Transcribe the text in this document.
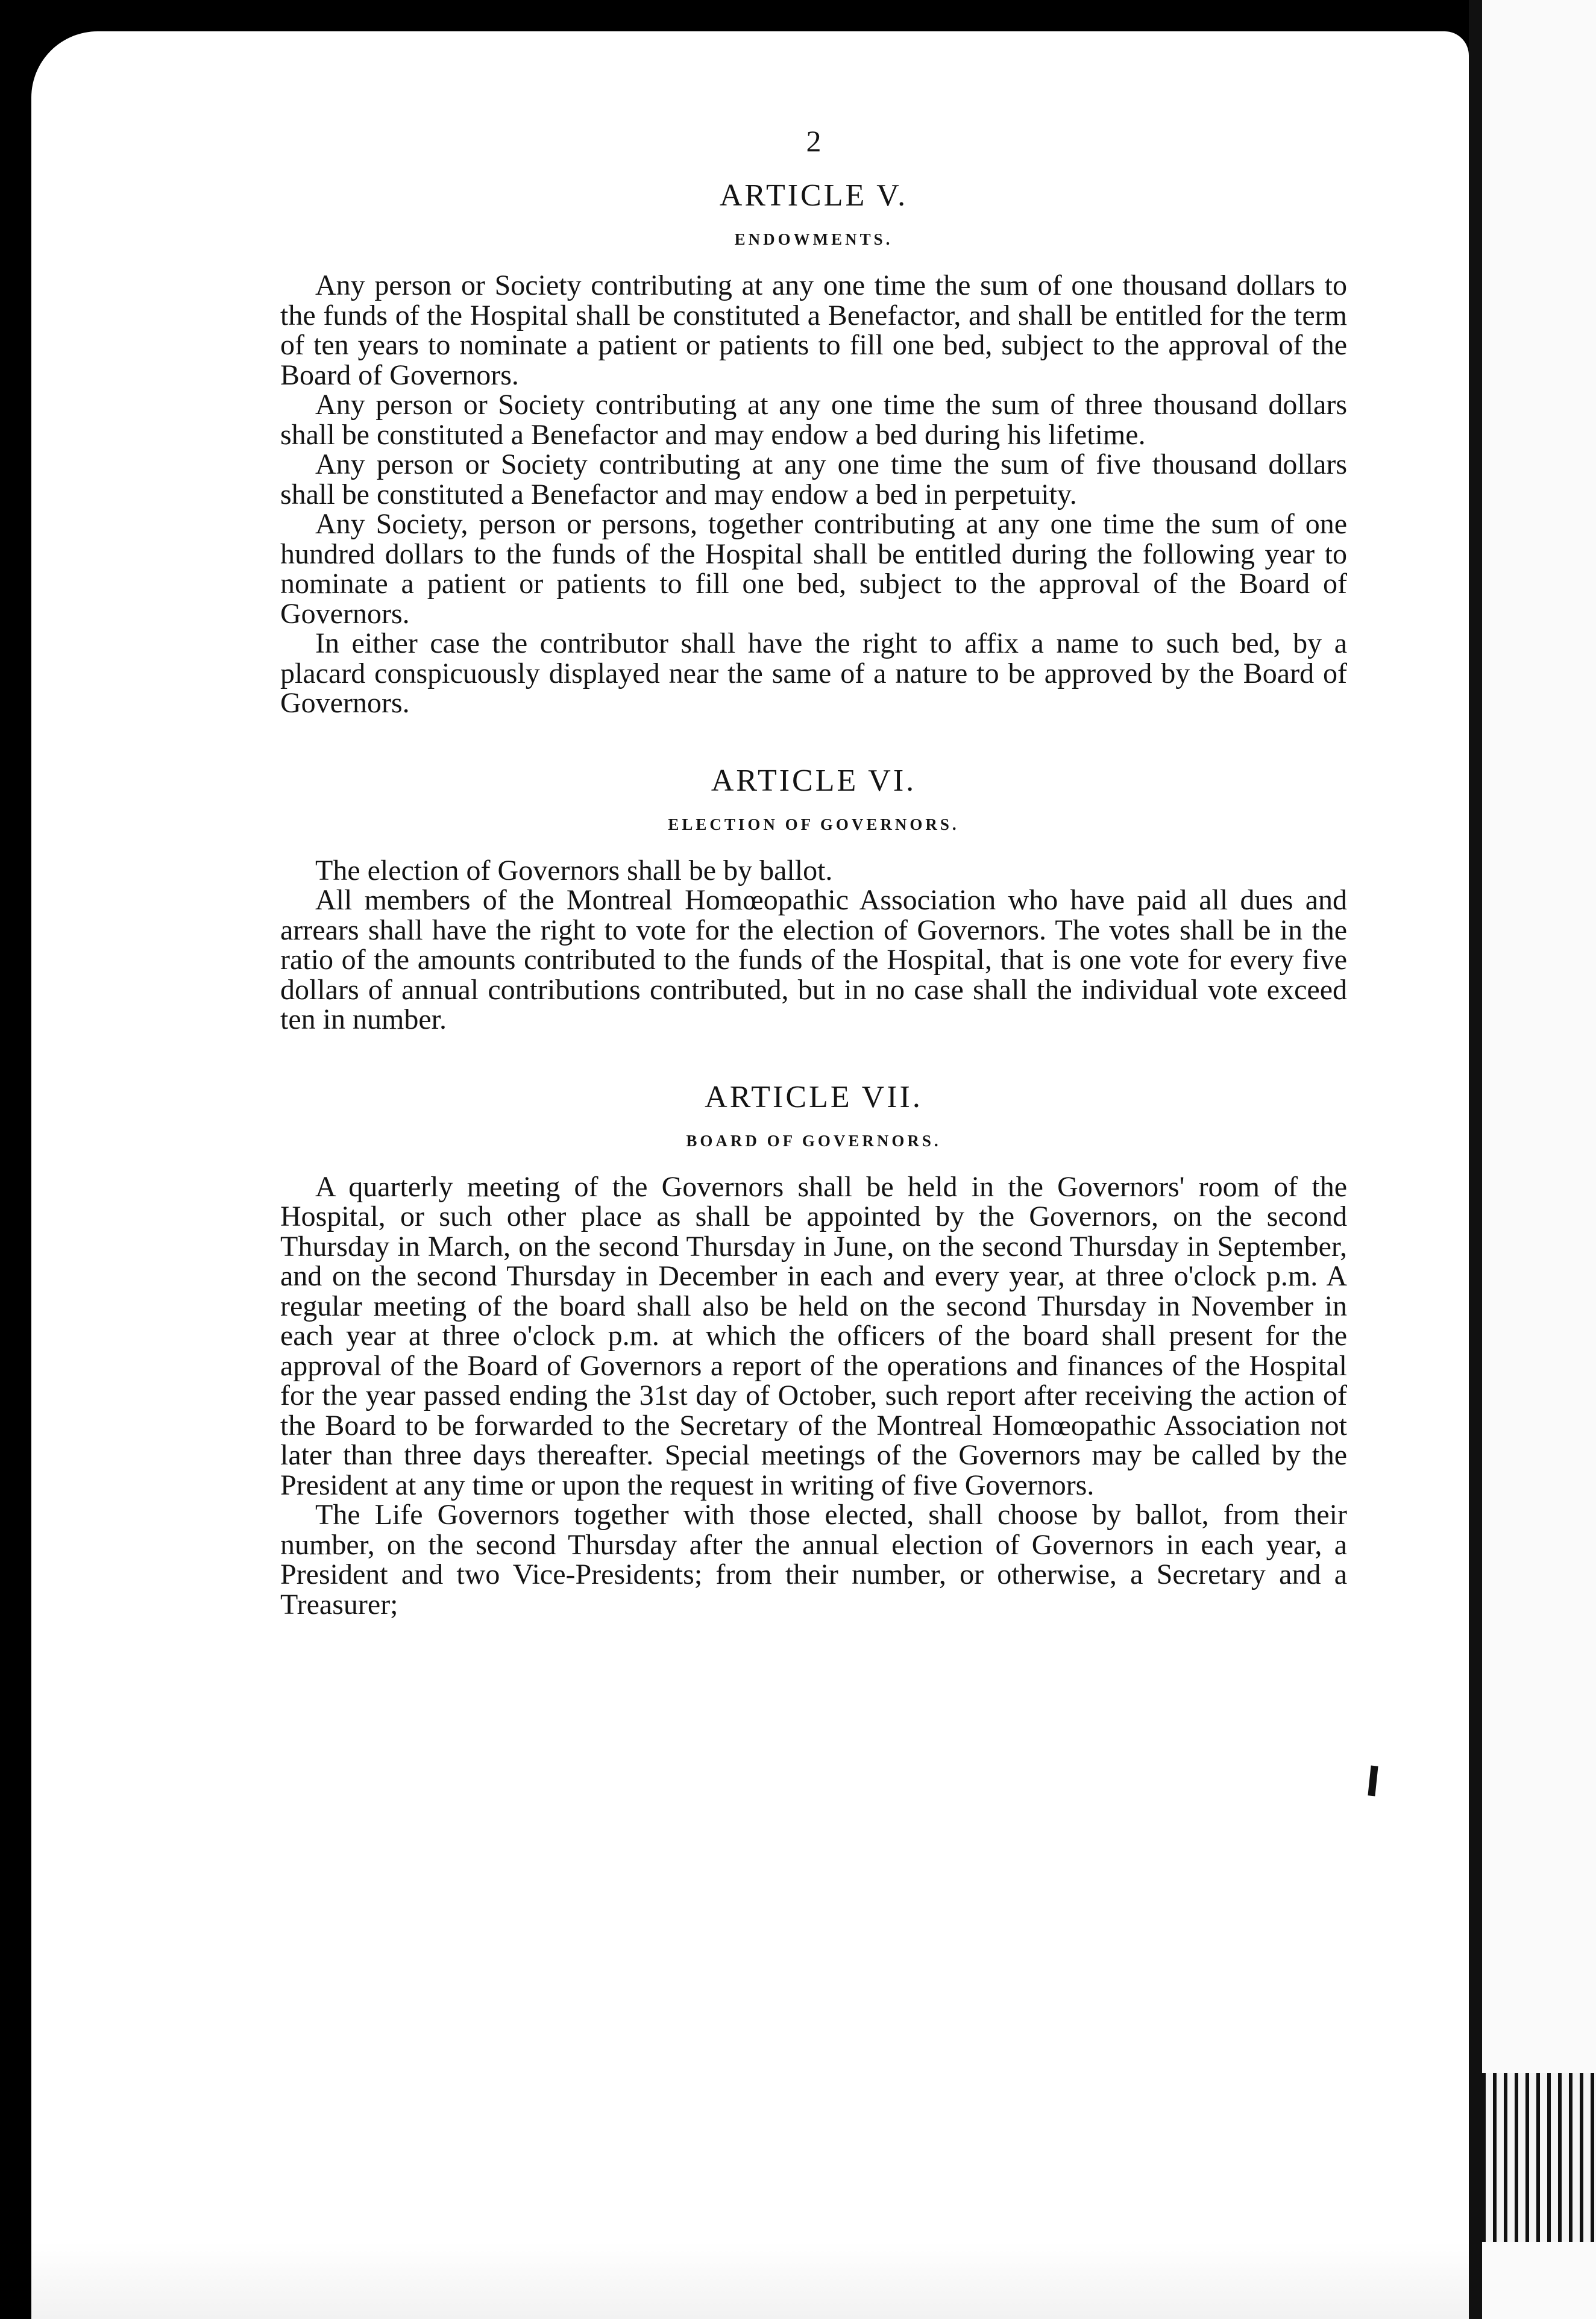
2
ARTICLE V.
ENDOWMENTS.

Any person or Society contributing at any one time the sum of one thousand dollars to the funds of the Hospital shall be constituted a Benefactor, and shall be entitled for the term of ten years to nominate a patient or patients to fill one bed, subject to the approval of the Board of Governors.

Any person or Society contributing at any one time the sum of three thousand dollars shall be constituted a Benefactor and may endow a bed during his lifetime.

Any person or Society contributing at any one time the sum of five thousand dollars shall be constituted a Benefactor and may endow a bed in perpetuity.

Any Society, person or persons, together contributing at any one time the sum of one hundred dollars to the funds of the Hospital shall be entitled during the following year to nominate a patient or patients to fill one bed, subject to the approval of the Board of Governors.

In either case the contributor shall have the right to affix a name to such bed, by a placard conspicuously displayed near the same of a nature to be approved by the Board of Governors.

ARTICLE VI.
ELECTION OF GOVERNORS.

The election of Governors shall be by ballot.

All members of the Montreal Homœopathic Association who have paid all dues and arrears shall have the right to vote for the election of Governors. The votes shall be in the ratio of the amounts contributed to the funds of the Hospital, that is one vote for every five dollars of annual contributions contributed, but in no case shall the individual vote exceed ten in number.

ARTICLE VII.
BOARD OF GOVERNORS.

A quarterly meeting of the Governors shall be held in the Governors' room of the Hospital, or such other place as shall be appointed by the Governors, on the second Thursday in March, on the second Thursday in June, on the second Thursday in September, and on the second Thursday in December in each and every year, at three o'clock p.m. A regular meeting of the board shall also be held on the second Thursday in November in each year at three o'clock p.m. at which the officers of the board shall present for the approval of the Board of Governors a report of the operations and finances of the Hospital for the year passed ending the 31st day of October, such report after receiving the action of the Board to be forwarded to the Secretary of the Montreal Homœopathic Association not later than three days thereafter. Special meetings of the Governors may be called by the President at any time or upon the request in writing of five Governors.

The Life Governors together with those elected, shall choose by ballot, from their number, on the second Thursday after the annual election of Governors in each year, a President and two Vice-Presidents; from their number, or otherwise, a Secretary and a Treasurer;
